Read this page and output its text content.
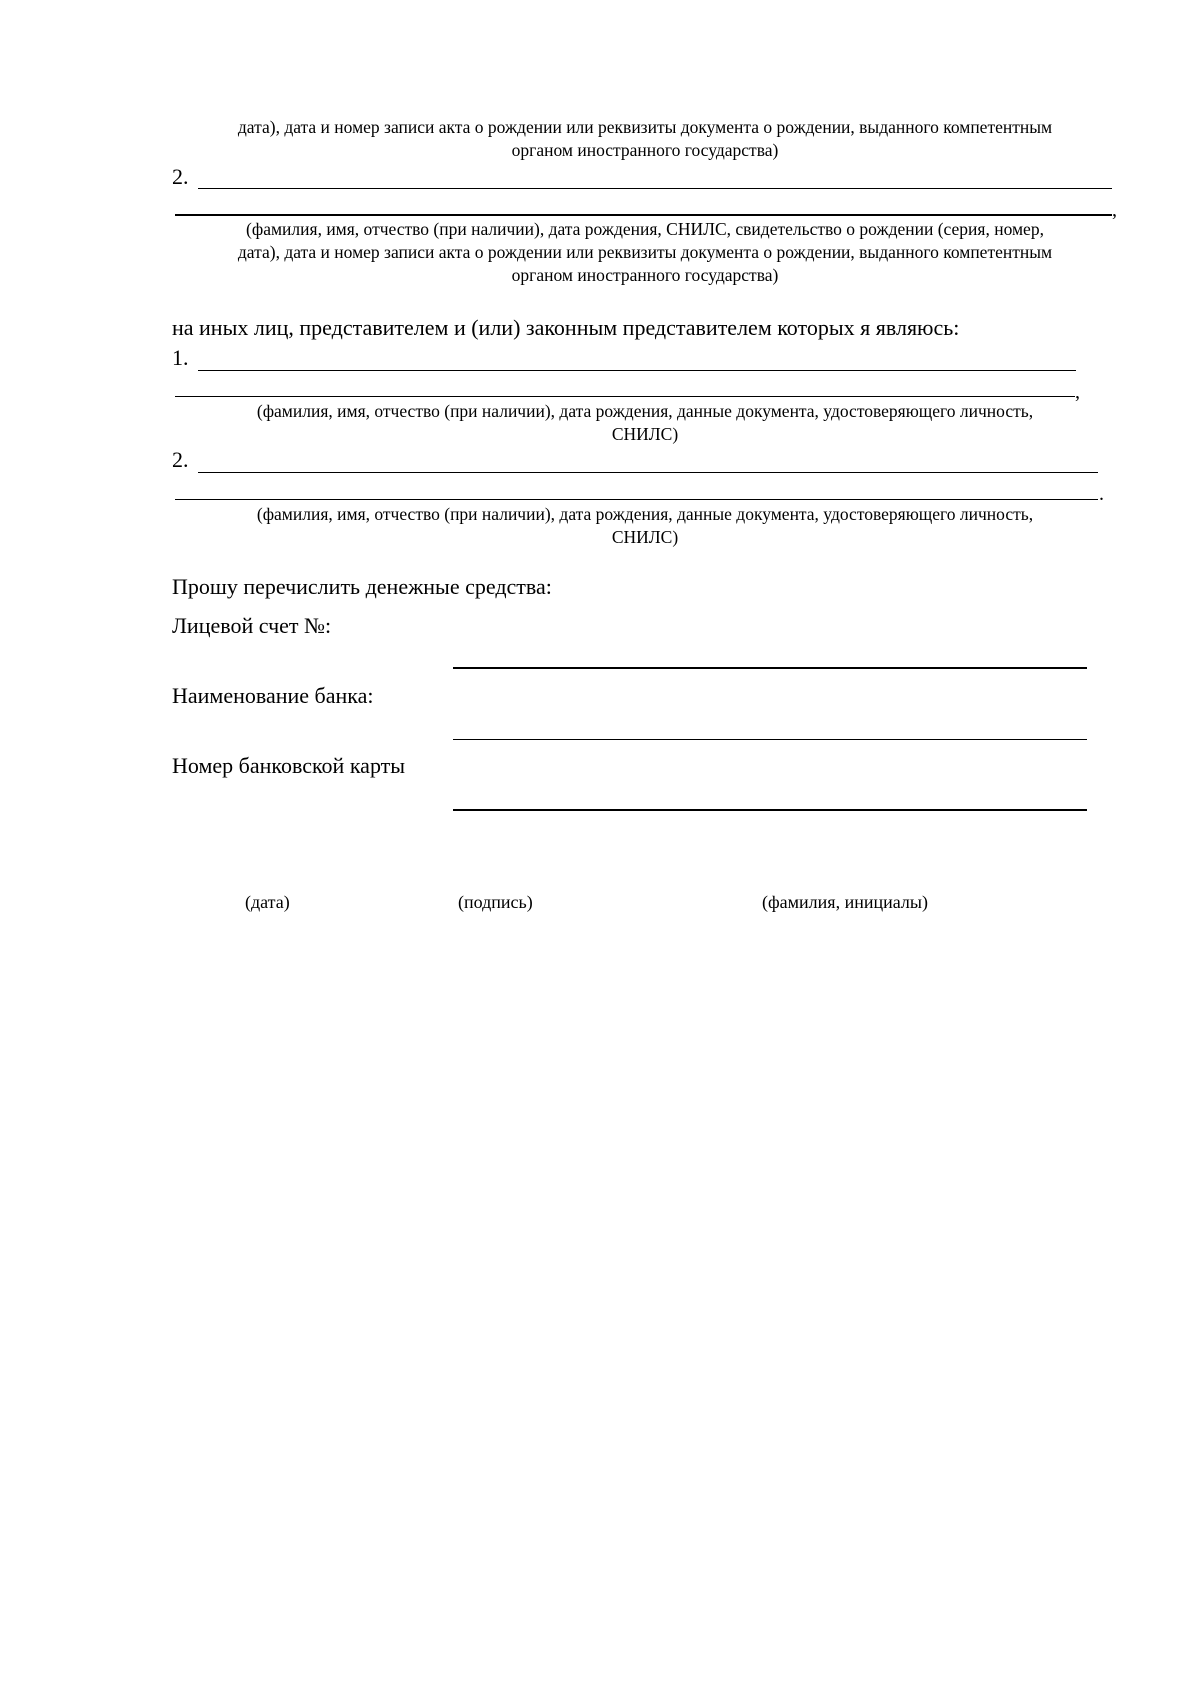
дата), дата и номер записи акта о рождении или реквизиты документа о рождении, выданного компетентным
органом иностранного государства)
2.
,
(фамилия, имя, отчество (при наличии), дата рождения, СНИЛС, свидетельство о рождении (серия, номер,
дата), дата и номер записи акта о рождении или реквизиты документа о рождении, выданного компетентным
органом иностранного государства)
на иных лиц, представителем и (или) законным представителем которых я являюсь:
1.
,
(фамилия, имя, отчество (при наличии), дата рождения, данные документа, удостоверяющего личность,
СНИЛС)
2.
.
(фамилия, имя, отчество (при наличии), дата рождения, данные документа, удостоверяющего личность,
СНИЛС)
Прошу перечислить денежные средства:
Лицевой счет №:
Наименование банка:
Номер банковской карты
(дата)	(подпись)	(фамилия, инициалы)
